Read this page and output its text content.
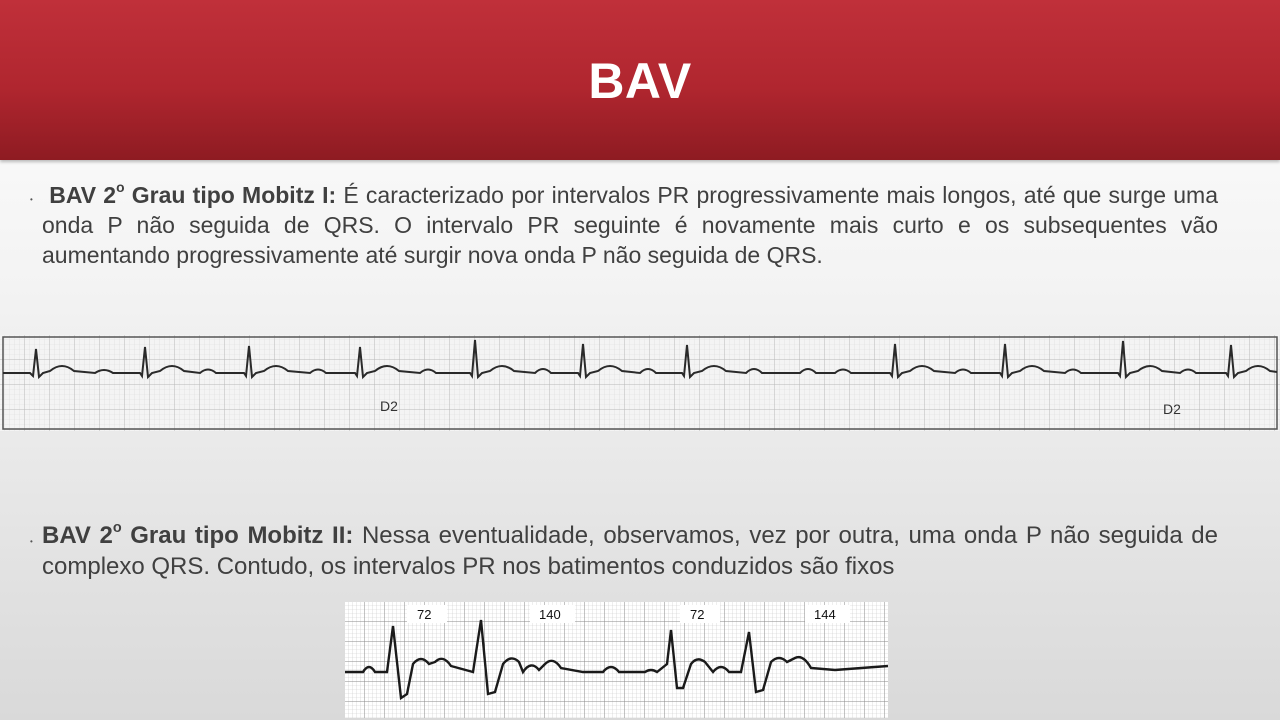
BAV
• BAV 2$^o$ Grau tipo Mobitz I: É caracterizado por intervalos PR progressivamente mais longos, até que surge uma onda P não seguida de QRS. O intervalo PR seguinte é novamente mais curto e os subsequentes vão aumentando progressivamente até surgir nova onda P não seguida de QRS.
D2	D2
• BAV 2$^o$ Grau tipo Mobitz II: Nessa eventualidade, observamos, vez por outra, uma onda P não seguida de complexo QRS. Contudo, os intervalos PR nos batimentos conduzidos são fixos
72	140	72	144
